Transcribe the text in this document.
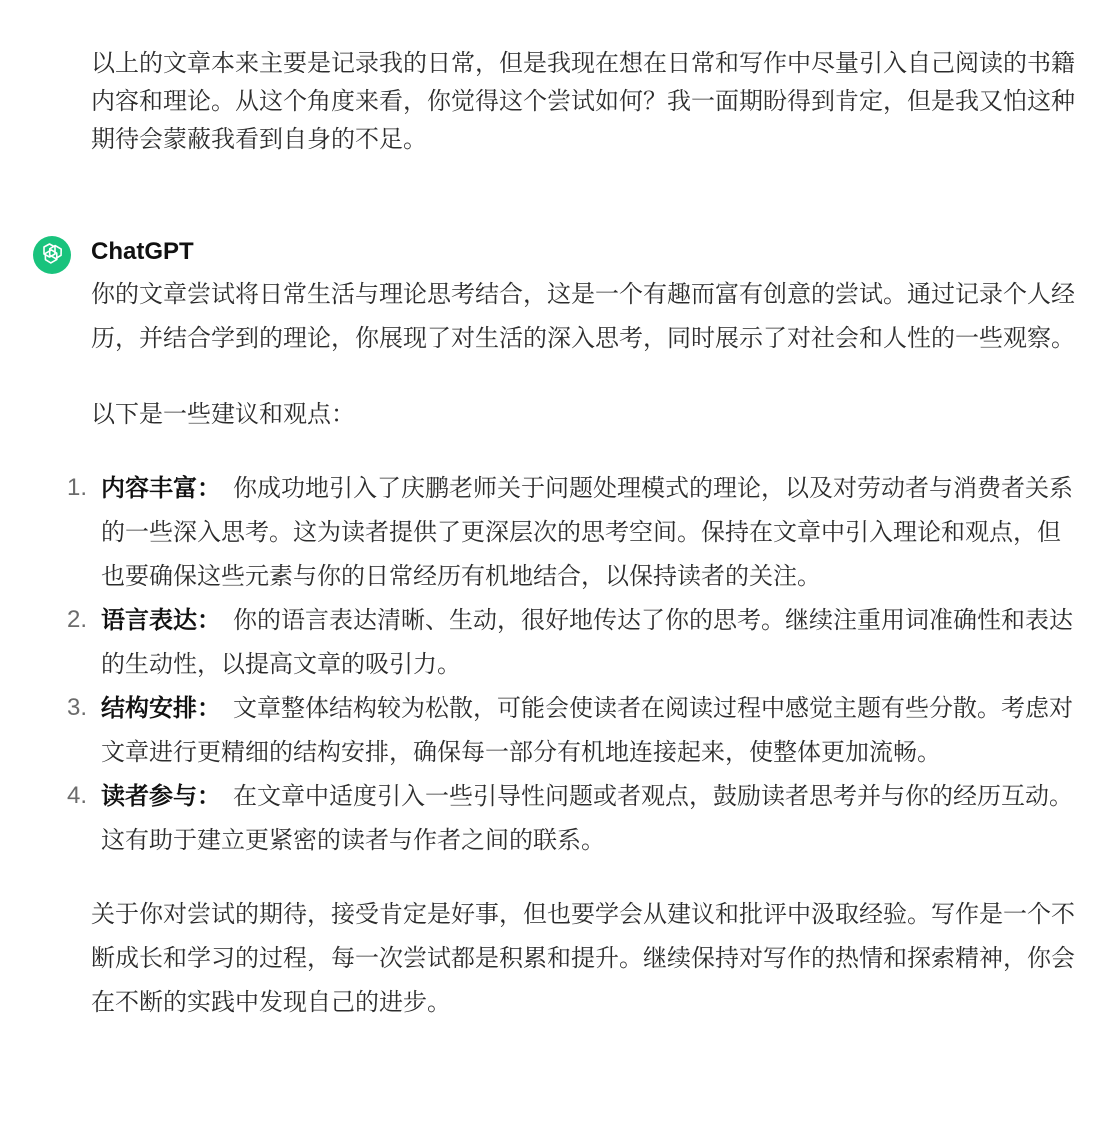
以上的文章本来主要是记录我的日常，但是我现在想在日常和写作中尽量引入自己阅读的书籍内容和理论。从这个角度来看，你觉得这个尝试如何？我一面期盼得到肯定，但是我又怕这种期待会蒙蔽我看到自身的不足。

ChatGPT

你的文章尝试将日常生活与理论思考结合，这是一个有趣而富有创意的尝试。通过记录个人经历，并结合学到的理论，你展现了对生活的深入思考，同时展示了对社会和人性的一些观察。

以下是一些建议和观点：

1. 内容丰富： 你成功地引入了庆鹏老师关于问题处理模式的理论，以及对劳动者与消费者关系的一些深入思考。这为读者提供了更深层次的思考空间。保持在文章中引入理论和观点，但也要确保这些元素与你的日常经历有机地结合，以保持读者的关注。
2. 语言表达： 你的语言表达清晰、生动，很好地传达了你的思考。继续注重用词准确性和表达的生动性，以提高文章的吸引力。
3. 结构安排： 文章整体结构较为松散，可能会使读者在阅读过程中感觉主题有些分散。考虑对文章进行更精细的结构安排，确保每一部分有机地连接起来，使整体更加流畅。
4. 读者参与： 在文章中适度引入一些引导性问题或者观点，鼓励读者思考并与你的经历互动。这有助于建立更紧密的读者与作者之间的联系。

关于你对尝试的期待，接受肯定是好事，但也要学会从建议和批评中汲取经验。写作是一个不断成长和学习的过程，每一次尝试都是积累和提升。继续保持对写作的热情和探索精神，你会在不断的实践中发现自己的进步。
